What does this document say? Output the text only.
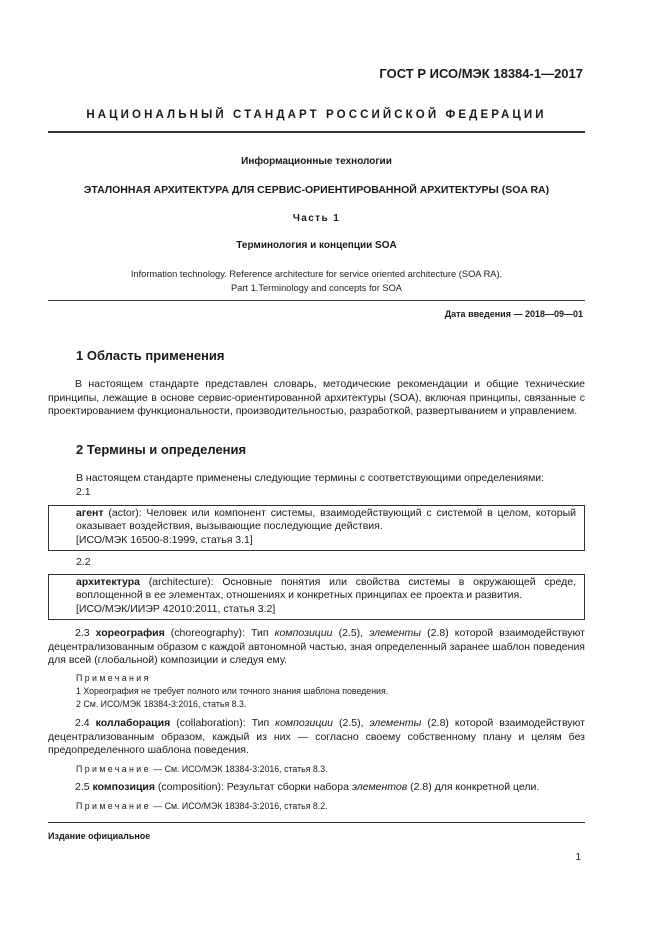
ГОСТ Р ИСО/МЭК 18384-1—2017
НАЦИОНАЛЬНЫЙ СТАНДАРТ РОССИЙСКОЙ ФЕДЕРАЦИИ
Информационные технологии
ЭТАЛОННАЯ АРХИТЕКТУРА ДЛЯ СЕРВИС-ОРИЕНТИРОВАННОЙ АРХИТЕКТУРЫ (SOA RA)
Часть 1
Терминология и концепции SOA
Information technology. Reference architecture for service oriented architecture (SOA RA).
Part 1.Terminology and concepts for SOA
Дата введения — 2018—09—01
1 Область применения
В настоящем стандарте представлен словарь, методические рекомендации и общие технические принципы, лежащие в основе сервис-ориентированной архитектуры (SOA), включая принципы, связанные с проектированием функциональности, производительностью, разработкой, развертыванием и управлением.
2 Термины и определения
В настоящем стандарте применены следующие термины с соответствующими определениями:
2.1
агент (actor): Человек или компонент системы, взаимодействующий с системой в целом, который оказывает воздействия, вызывающие последующие действия.
[ИСО/МЭК 16500-8:1999, статья 3.1]
2.2
архитектура (architecture): Основные понятия или свойства системы в окружающей среде, воплощенной в ее элементах, отношениях и конкретных принципах ее проекта и развития.
[ИСО/МЭК/ИИЭР 42010:2011, статья 3.2]
2.3 хореография (choreography): Тип композиции (2.5), элементы (2.8) которой взаимодействуют децентрализованным образом с каждой автономной частью, зная определенный заранее шаблон поведения для всей (глобальной) композиции и следуя ему.
Примечания
1 Хореография не требует полного или точного знания шаблона поведения.
2 См. ИСО/МЭК 18384-3:2016, статья 8.3.
2.4 коллаборация (collaboration): Тип композиции (2.5), элементы (2.8) которой взаимодействуют децентрализованным образом, каждый из них — согласно своему собственному плану и целям без предопределенного шаблона поведения.
Примечание — См. ИСО/МЭК 18384-3:2016, статья 8.3.
2.5 композиция (composition): Результат сборки набора элементов (2.8) для конкретной цели.
Примечание — См. ИСО/МЭК 18384-3:2016, статья 8.2.
Издание официальное
1
